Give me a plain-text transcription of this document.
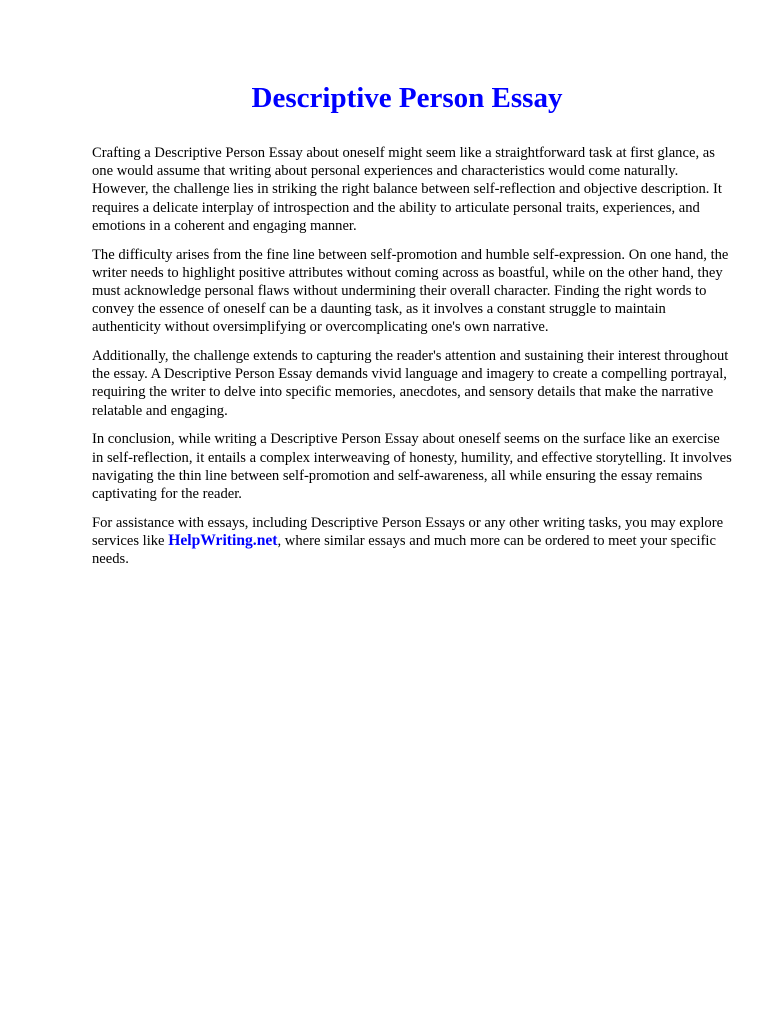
Descriptive Person Essay

Crafting a Descriptive Person Essay about oneself might seem like a straightforward task at first glance, as one would assume that writing about personal experiences and characteristics would come naturally. However, the challenge lies in striking the right balance between self-reflection and objective description. It requires a delicate interplay of introspection and the ability to articulate personal traits, experiences, and emotions in a coherent and engaging manner.

The difficulty arises from the fine line between self-promotion and humble self-expression. On one hand, the writer needs to highlight positive attributes without coming across as boastful, while on the other hand, they must acknowledge personal flaws without undermining their overall character. Finding the right words to convey the essence of oneself can be a daunting task, as it involves a constant struggle to maintain authenticity without oversimplifying or overcomplicating one's own narrative.

Additionally, the challenge extends to capturing the reader's attention and sustaining their interest throughout the essay. A Descriptive Person Essay demands vivid language and imagery to create a compelling portrayal, requiring the writer to delve into specific memories, anecdotes, and sensory details that make the narrative relatable and engaging.

In conclusion, while writing a Descriptive Person Essay about oneself seems on the surface like an exercise in self-reflection, it entails a complex interweaving of honesty, humility, and effective storytelling. It involves navigating the thin line between self-promotion and self-awareness, all while ensuring the essay remains captivating for the reader.

For assistance with essays, including Descriptive Person Essays or any other writing tasks, you may explore services like HelpWriting.net, where similar essays and much more can be ordered to meet your specific needs.
